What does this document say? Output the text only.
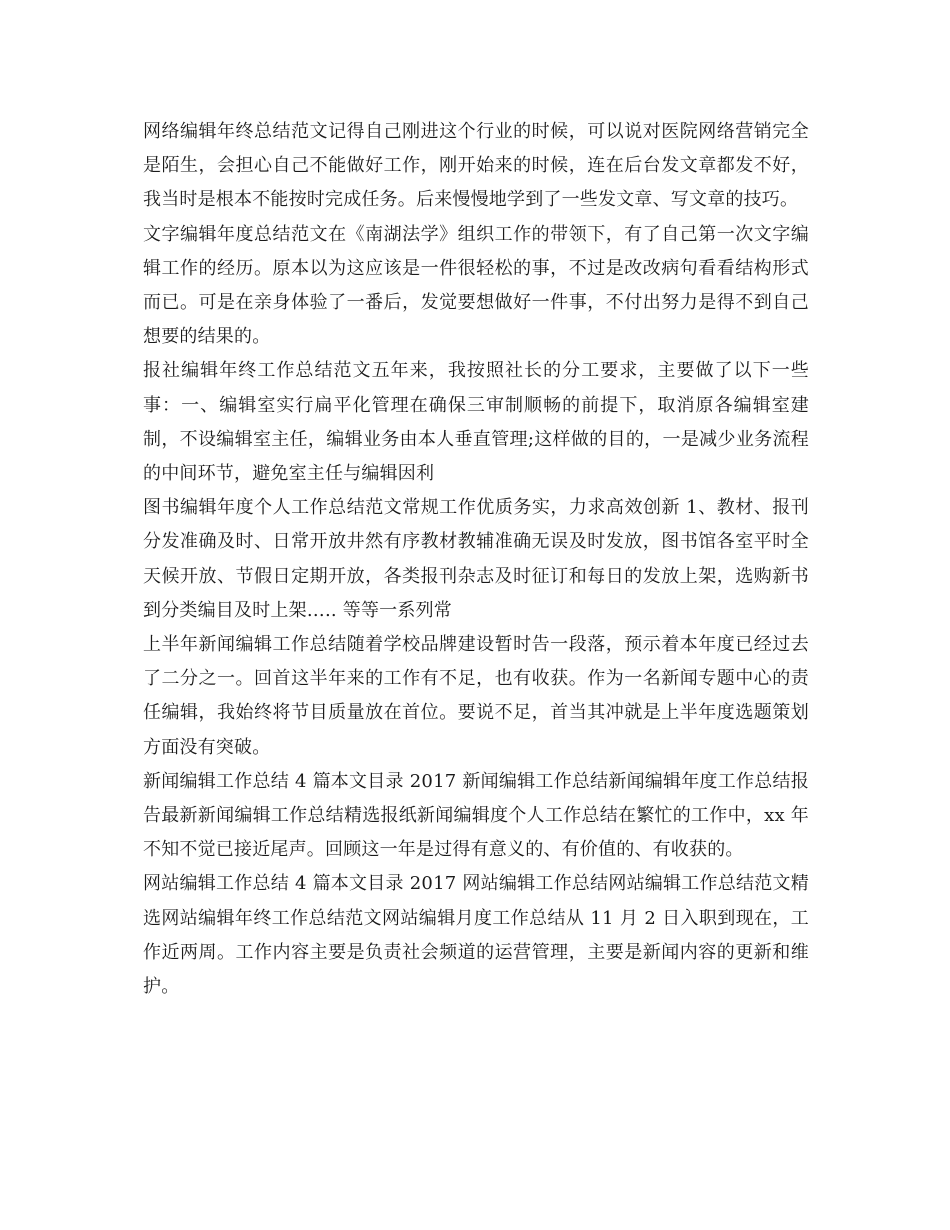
网络编辑年终总结范文记得自己刚进这个行业的时候，可以说对医院网络营销完全是陌生，会担心自己不能做好工作，刚开始来的时候，连在后台发文章都发不好，我当时是根本不能按时完成任务。后来慢慢地学到了一些发文章、写文章的技巧。

文字编辑年度总结范文在《南湖法学》组织工作的带领下，有了自己第一次文字编辑工作的经历。原本以为这应该是一件很轻松的事，不过是改改病句看看结构形式而已。可是在亲身体验了一番后，发觉要想做好一件事，不付出努力是得不到自己想要的结果的。

报社编辑年终工作总结范文五年来，我按照社长的分工要求，主要做了以下一些事：一、编辑室实行扁平化管理在确保三审制顺畅的前提下，取消原各编辑室建制，不设编辑室主任，编辑业务由本人垂直管理;这样做的目的，一是减少业务流程的中间环节，避免室主任与编辑因利

图书编辑年度个人工作总结范文常规工作优质务实，力求高效创新 1、教材、报刊分发准确及时、日常开放井然有序教材教辅准确无误及时发放，图书馆各室平时全天候开放、节假日定期开放，各类报刊杂志及时征订和每日的发放上架，选购新书到分类编目及时上架….. 等等一系列常

上半年新闻编辑工作总结随着学校品牌建设暂时告一段落，预示着本年度已经过去了二分之一。回首这半年来的工作有不足，也有收获。作为一名新闻专题中心的责任编辑，我始终将节目质量放在首位。要说不足，首当其冲就是上半年度选题策划方面没有突破。

新闻编辑工作总结 4 篇本文目录 2017 新闻编辑工作总结新闻编辑年度工作总结报告最新新闻编辑工作总结精选报纸新闻编辑度个人工作总结在繁忙的工作中，xx 年不知不觉已接近尾声。回顾这一年是过得有意义的、有价值的、有收获的。

网站编辑工作总结 4 篇本文目录 2017 网站编辑工作总结网站编辑工作总结范文精选网站编辑年终工作总结范文网站编辑月度工作总结从 11 月 2 日入职到现在，工作近两周。工作内容主要是负责社会频道的运营管理，主要是新闻内容的更新和维护。
